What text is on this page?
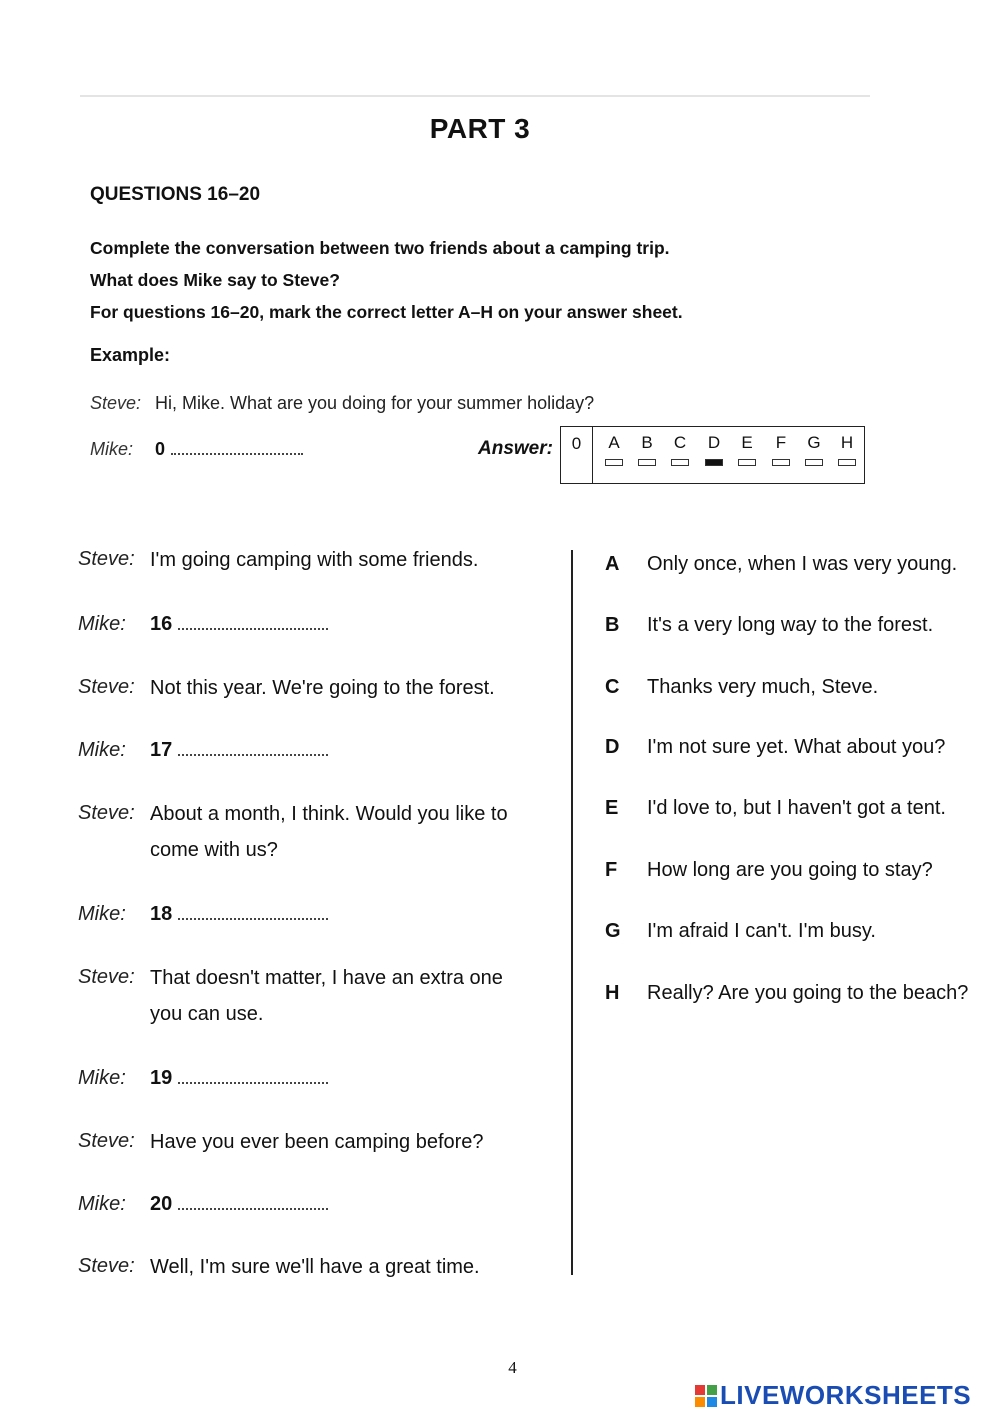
PART 3
QUESTIONS 16–20
Complete the conversation between two friends about a camping trip.
What does Mike say to Steve?
For questions 16–20, mark the correct letter A–H on your answer sheet.
Example:
Steve: Hi, Mike. What are you doing for your summer holiday?
Mike: 0	Answer:	0	A	B	C	D	E	F	G	H
Steve: I'm going camping with some friends.
Mike: 16
Steve: Not this year. We're going to the forest.
Mike: 17
Steve: About a month, I think. Would you like to come with us?
Mike: 18
Steve: That doesn't matter, I have an extra one you can use.
Mike: 19
Steve: Have you ever been camping before?
Mike: 20
Steve: Well, I'm sure we'll have a great time.
A Only once, when I was very young.
B It's a very long way to the forest.
C Thanks very much, Steve.
D I'm not sure yet. What about you?
E I'd love to, but I haven't got a tent.
F How long are you going to stay?
G I'm afraid I can't. I'm busy.
H Really? Are you going to the beach?
4
LIVEWORKSHEETS
